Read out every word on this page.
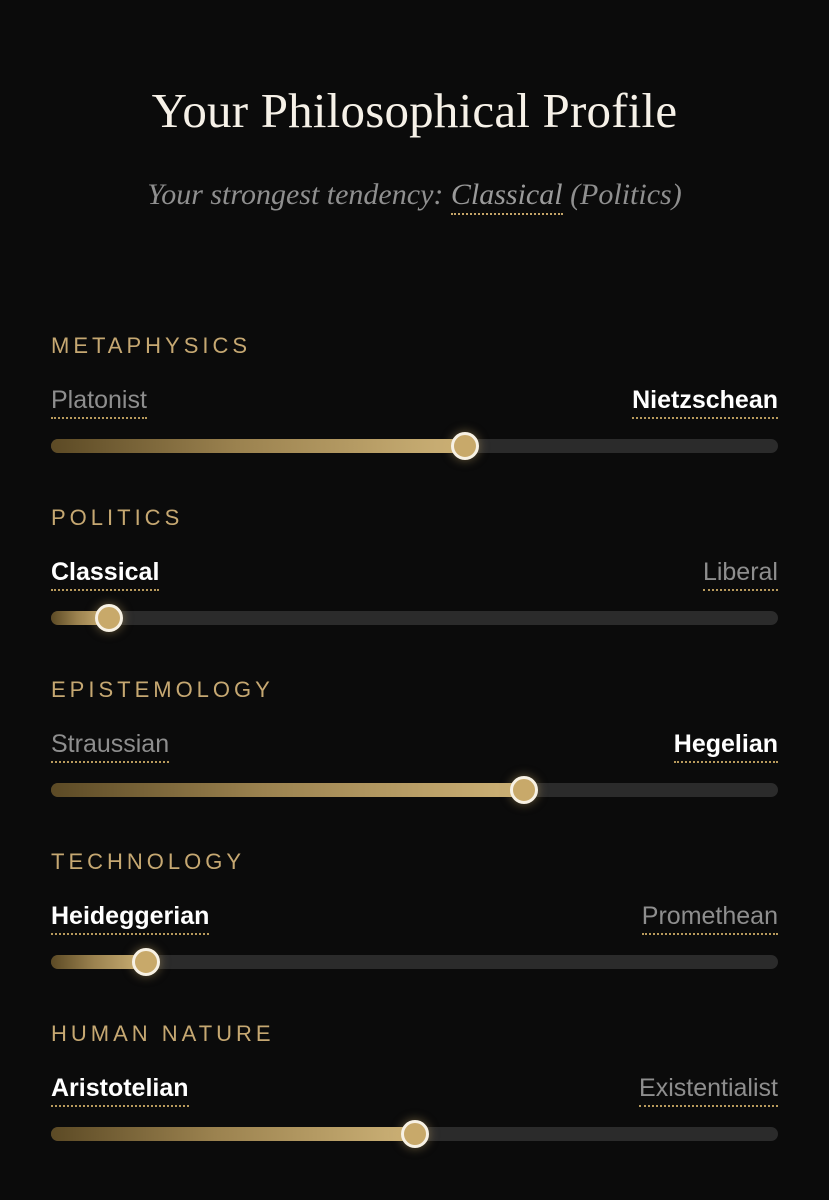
Your Philosophical Profile
Your strongest tendency: Classical (Politics)
METAPHYSICS
Platonist	Nietzschean
POLITICS
Classical	Liberal
EPISTEMOLOGY
Straussian	Hegelian
TECHNOLOGY
Heideggerian	Promethean
HUMAN NATURE
Aristotelian	Existentialist
